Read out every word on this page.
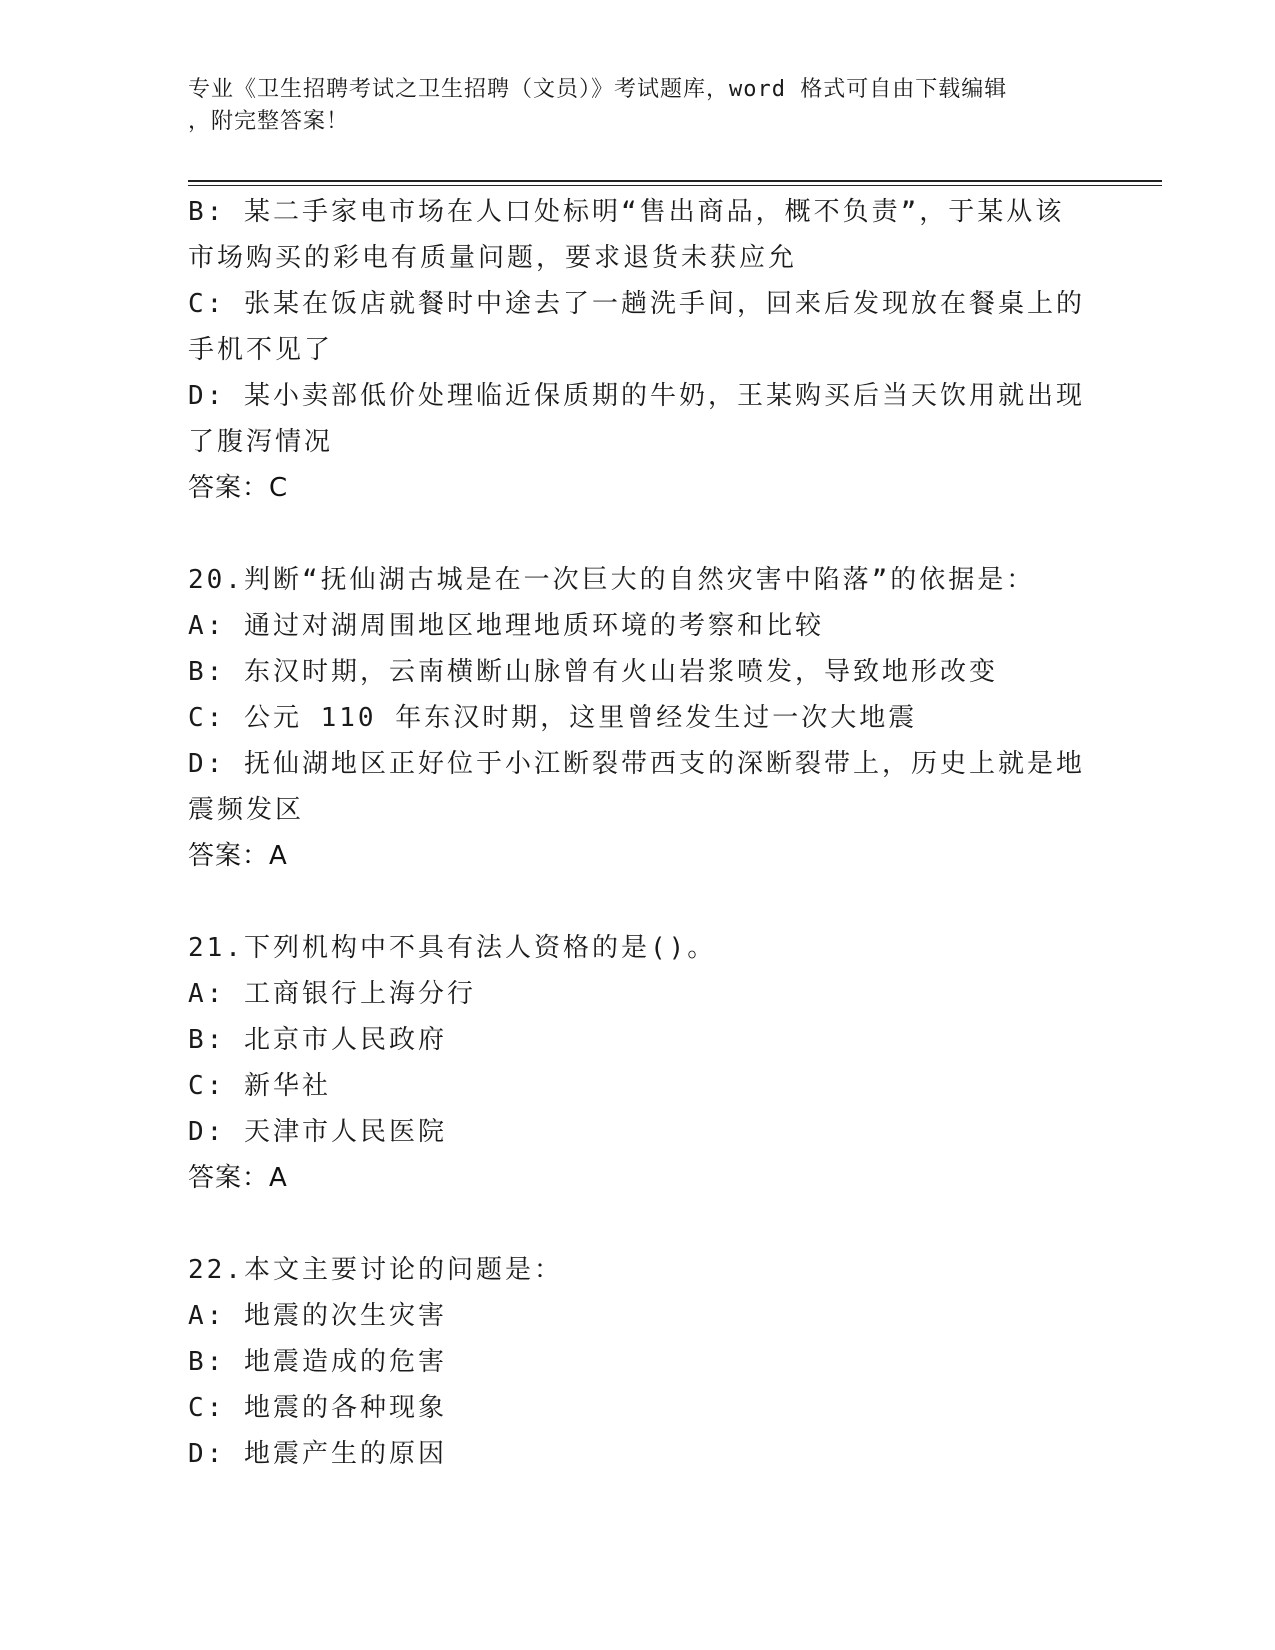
专业《卫生招聘考试之卫生招聘（文员）》考试题库，word 格式可自由下载编辑
，附完整答案！
B: 某二手家电市场在人口处标明“售出商品，概不负责”，于某从该
市场购买的彩电有质量问题，要求退货未获应允
C: 张某在饭店就餐时中途去了一趟洗手间，回来后发现放在餐桌上的
手机不见了
D: 某小卖部低价处理临近保质期的牛奶，王某购买后当天饮用就出现
了腹泻情况
答案：C
20.判断“抚仙湖古城是在一次巨大的自然灾害中陷落”的依据是：
A: 通过对湖周围地区地理地质环境的考察和比较
B: 东汉时期，云南横断山脉曾有火山岩浆喷发，导致地形改变
C: 公元 110 年东汉时期，这里曾经发生过一次大地震
D: 抚仙湖地区正好位于小江断裂带西支的深断裂带上，历史上就是地
震频发区
答案：A
21.下列机构中不具有法人资格的是()。
A: 工商银行上海分行
B: 北京市人民政府
C: 新华社
D: 天津市人民医院
答案：A
22.本文主要讨论的问题是：
A: 地震的次生灾害
B: 地震造成的危害
C: 地震的各种现象
D: 地震产生的原因
